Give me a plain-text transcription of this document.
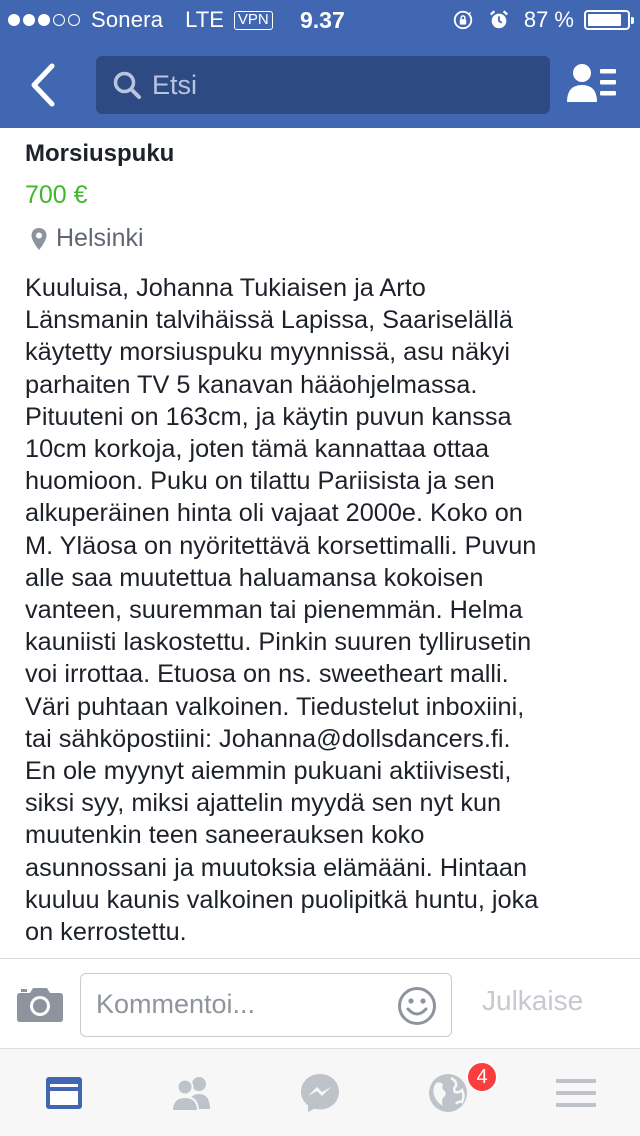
Sonera LTE VPN 9.37	87 %
Etsi
Morsiuspuku
700 €
Helsinki
Kuuluisa, Johanna Tukiaisen ja Arto
Länsmanin talvihäissä Lapissa, Saariselällä
käytetty morsiuspuku myynnissä, asu näkyi
parhaiten TV 5 kanavan hääohjelmassa.
Pituuteni on 163cm, ja käytin puvun kanssa
10cm korkoja, joten tämä kannattaa ottaa
huomioon. Puku on tilattu Pariisista ja sen
alkuperäinen hinta oli vajaat 2000e. Koko on
M. Yläosa on nyöritettävä korsettimalli. Puvun
alle saa muutettua haluamansa kokoisen
vanteen, suuremman tai pienemmän. Helma
kauniisti laskostettu. Pinkin suuren tyllirusetin
voi irrottaa. Etuosa on ns. sweetheart malli.
Väri puhtaan valkoinen. Tiedustelut inboxiini,
tai sähköpostiini: Johanna@dollsdancers.fi.
En ole myynyt aiemmin pukuani aktiivisesti,
siksi syy, miksi ajattelin myydä sen nyt kun
muutenkin teen saneerauksen koko
asunnossani ja muutoksia elämääni. Hintaan
kuuluu kaunis valkoinen puolipitkä huntu, joka
on kerrostettu.
Kommentoi...
Julkaise
4
